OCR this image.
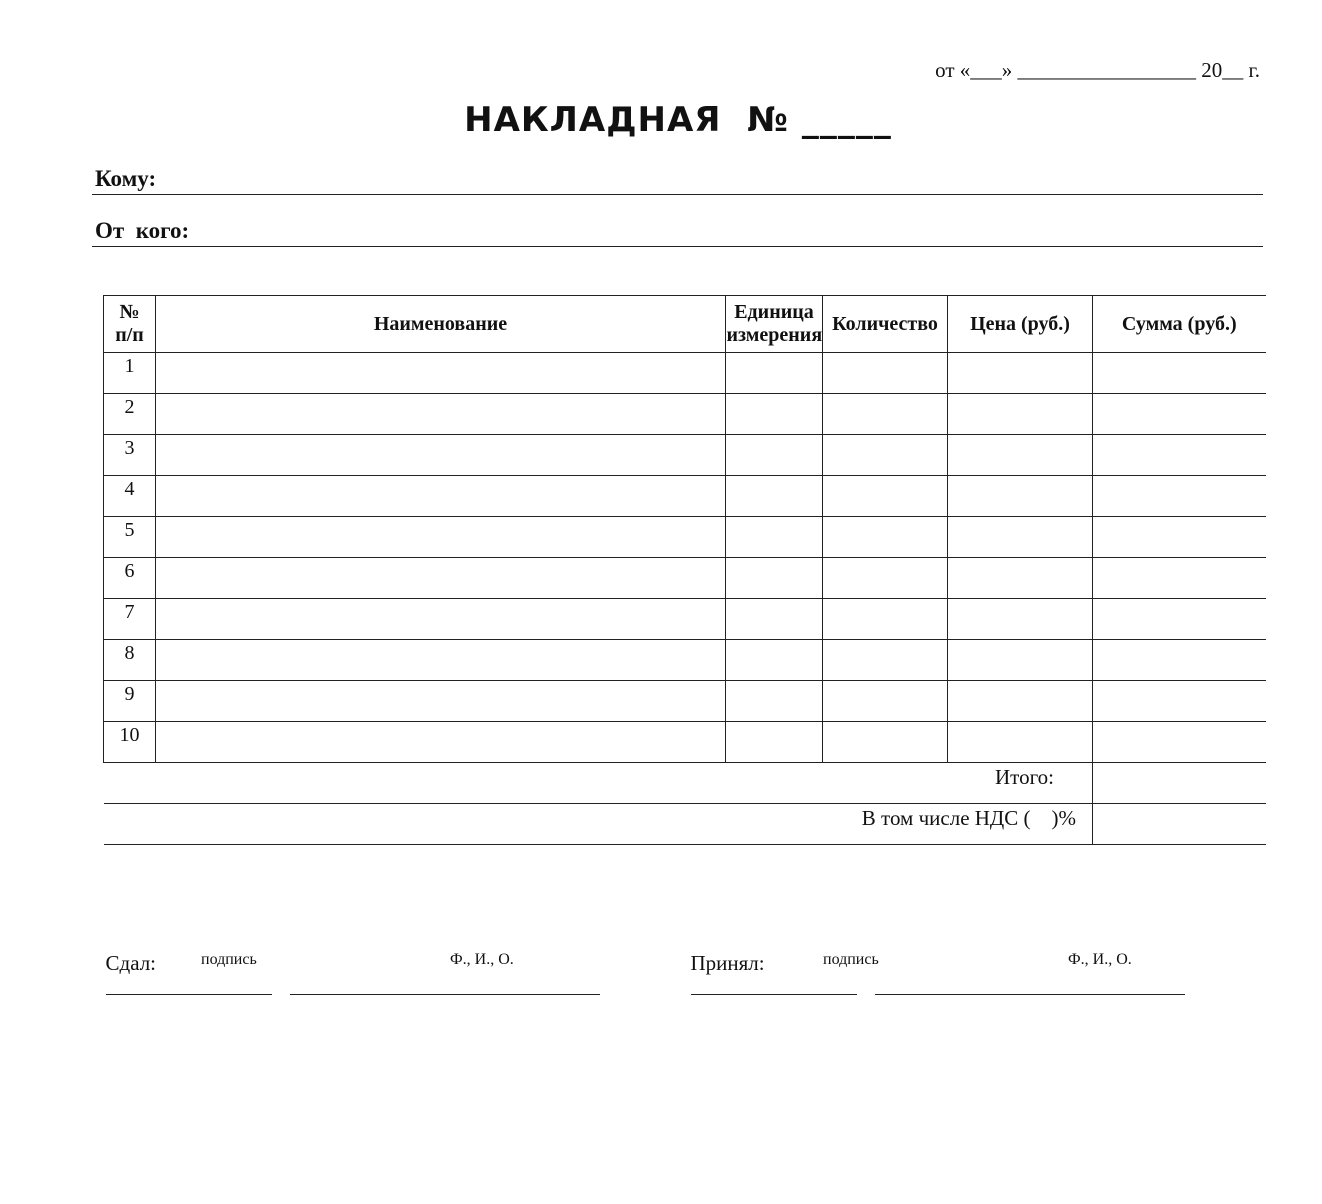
от «___» _________________ 20__ г.
НАКЛАДНАЯ  № _____
Кому:
От  кого:
№ п/п	Наименование	Единица измерения	Количество	Цена (руб.)	Сумма (руб.)
1					
2					
3					
4					
5					
6					
7					
8					
9					
10					
Итого:					
В том числе НДС (    )%					

Сдал:

	подпись

	Ф., И., О.	Принял:

	подпись

	Ф., И., О.
